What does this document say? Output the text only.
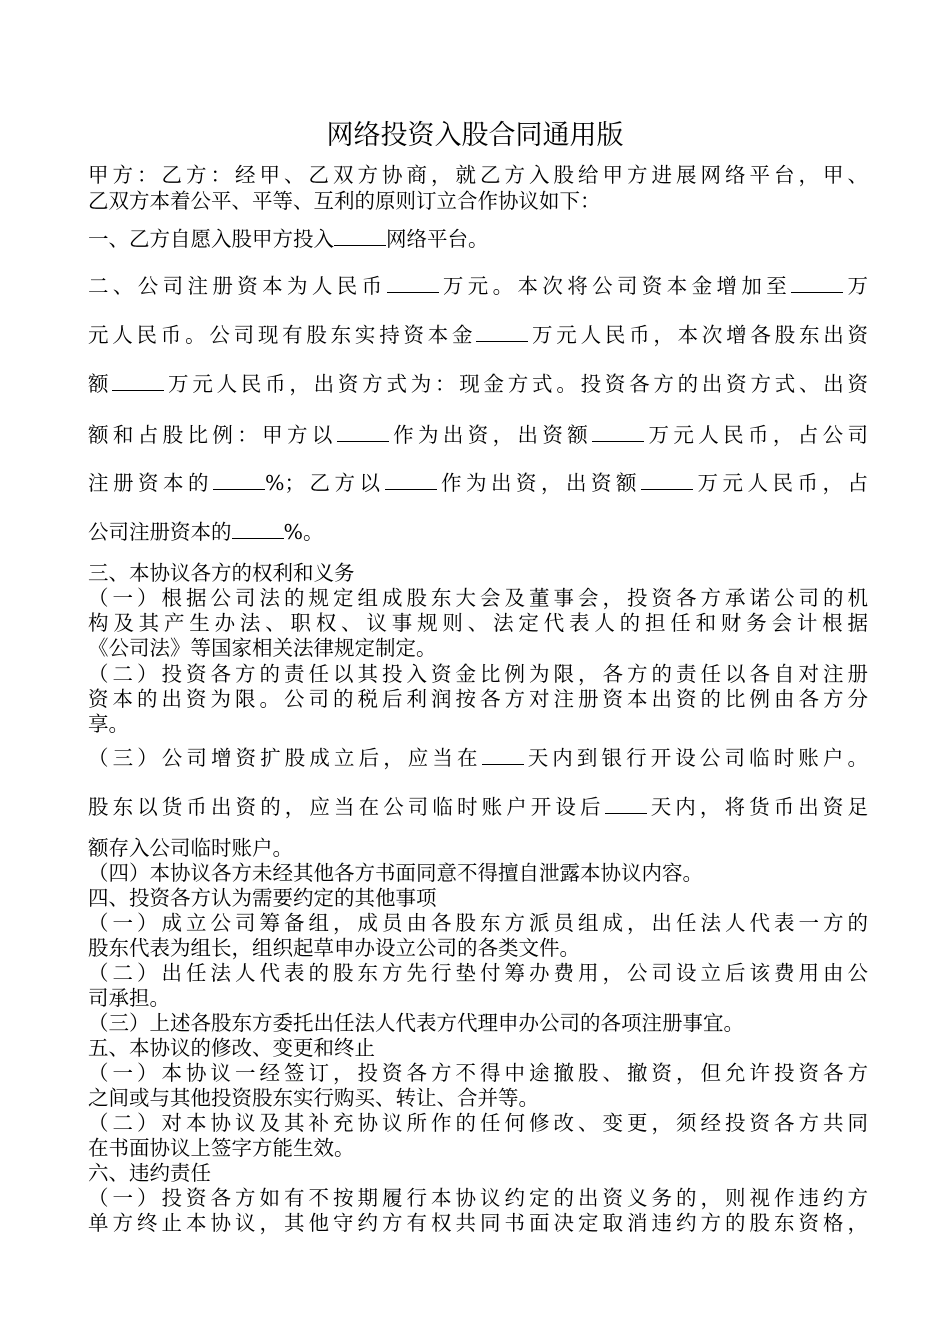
网络投资入股合同通用版
甲方：乙方：经甲、乙双方协商，就乙方入股给甲方进展网络平台，甲、
乙双方本着公平、平等、互利的原则订立合作协议如下：
一、乙方自愿入股甲方投入	网络平台。
二、公司注册资本为人民币	万元。本次将公司资本金增加至	万
元人民币。公司现有股东实持资本金	万元人民币，本次增各股东出资
额	万元人民币，出资方式为：现金方式。投资各方的出资方式、出资
额和占股比例：甲方以	作为出资，出资额	万元人民币，占公司
注册资本的	%；乙方以	作为出资，出资额	万元人民币，占
公司注册资本的	%。
三、本协议各方的权利和义务
（一）根据公司法的规定组成股东大会及董事会，投资各方承诺公司的机
构及其产生办法、职权、议事规则、法定代表人的担任和财务会计根据
《公司法》等国家相关法律规定制定。
（二）投资各方的责任以其投入资金比例为限，各方的责任以各自对注册
资本的出资为限。公司的税后利润按各方对注册资本出资的比例由各方分
享。
（三）公司增资扩股成立后，应当在 天内到银行开设公司临时账户。
股东以货币出资的，应当在公司临时账户开设后 天内，将货币出资足
额存入公司临时账户。
（四）本协议各方未经其他各方书面同意不得擅自泄露本协议内容。
四、投资各方认为需要约定的其他事项
（一）成立公司筹备组，成员由各股东方派员组成，出任法人代表一方的
股东代表为组长，组织起草申办设立公司的各类文件。
（二）出任法人代表的股东方先行垫付筹办费用，公司设立后该费用由公
司承担。
（三）上述各股东方委托出任法人代表方代理申办公司的各项注册事宜。
五、本协议的修改、变更和终止
（一）本协议一经签订，投资各方不得中途撤股、撤资，但允许投资各方
之间或与其他投资股东实行购买、转让、合并等。
（二）对本协议及其补充协议所作的任何修改、变更，须经投资各方共同
在书面协议上签字方能生效。
六、违约责任
（一）投资各方如有不按期履行本协议约定的出资义务的，则视作违约方
单方终止本协议，其他守约方有权共同书面决定取消违约方的股东资格，
